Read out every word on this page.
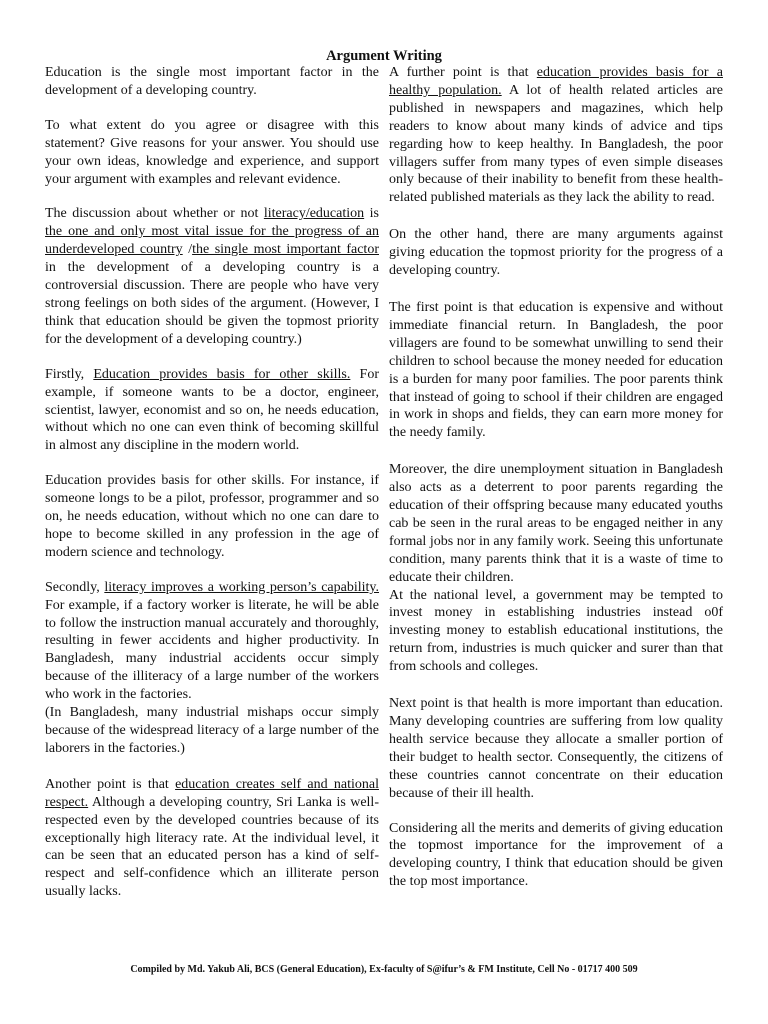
Argument Writing

Education is the single most important factor in the development of a developing country.

To what extent do you agree or disagree with this statement? Give reasons for your answer. You should use your own ideas, knowledge and experience, and support your argument with examples and relevant evidence.

The discussion about whether or not literacy/education is the one and only most vital issue for the progress of an underdeveloped country /the single most important factor in the development of a developing country is a controversial discussion. There are people who have very strong feelings on both sides of the argument. (However, I think that education should be given the topmost priority for the development of a developing country.)

Firstly, Education provides basis for other skills. For example, if someone wants to be a doctor, engineer, scientist, lawyer, economist and so on, he needs education, without which no one can even think of becoming skillful in almost any discipline in the modern world.

Education provides basis for other skills. For instance, if someone longs to be a pilot, professor, programmer and so on, he needs education, without which no one can dare to hope to become skilled in any profession in the age of modern science and technology.

Secondly, literacy improves a working person’s capability. For example, if a factory worker is literate, he will be able to follow the instruction manual accurately and thoroughly, resulting in fewer accidents and higher productivity. In Bangladesh, many industrial accidents occur simply because of the illiteracy of a large number of the workers who work in the factories.

(In Bangladesh, many industrial mishaps occur simply because of the widespread literacy of a large number of the laborers in the factories.)

Another point is that education creates self and national respect. Although a developing country, Sri Lanka is well-respected even by the developed countries because of its exceptionally high literacy rate. At the individual level, it can be seen that an educated person has a kind of self-respect and self-confidence which an illiterate person usually lacks.

A further point is that education provides basis for a healthy population. A lot of health related articles are published in newspapers and magazines, which help readers to know about many kinds of advice and tips regarding how to keep healthy. In Bangladesh, the poor villagers suffer from many types of even simple diseases only because of their inability to benefit from these health-related published materials as they lack the ability to read.

On the other hand, there are many arguments against giving education the topmost priority for the progress of a developing country.

The first point is that education is expensive and without immediate financial return. In Bangladesh, the poor villagers are found to be somewhat unwilling to send their children to school because the money needed for education is a burden for many poor families. The poor parents think that instead of going to school if their children are engaged in work in shops and fields, they can earn more money for the needy family.

Moreover, the dire unemployment situation in Bangladesh also acts as a deterrent to poor parents regarding the education of their offspring because many educated youths cab be seen in the rural areas to be engaged neither in any formal jobs nor in any family work. Seeing this unfortunate condition, many parents think that it is a waste of time to educate their children.

At the national level, a government may be tempted to invest money in establishing industries instead o0f investing money to establish educational institutions, the return from, industries is much quicker and surer than that from schools and colleges.

Next point is that health is more important than education. Many developing countries are suffering from low quality health service because they allocate a smaller portion of their budget to health sector. Consequently, the citizens of these countries cannot concentrate on their education because of their ill health.

Considering all the merits and demerits of giving education the topmost importance for the improvement of a developing country, I think that education should be given the top most importance.

Compiled by Md. Yakub Ali, BCS (General Education), Ex-faculty of S@ifur’s & FM Institute, Cell No - 01717 400 509
